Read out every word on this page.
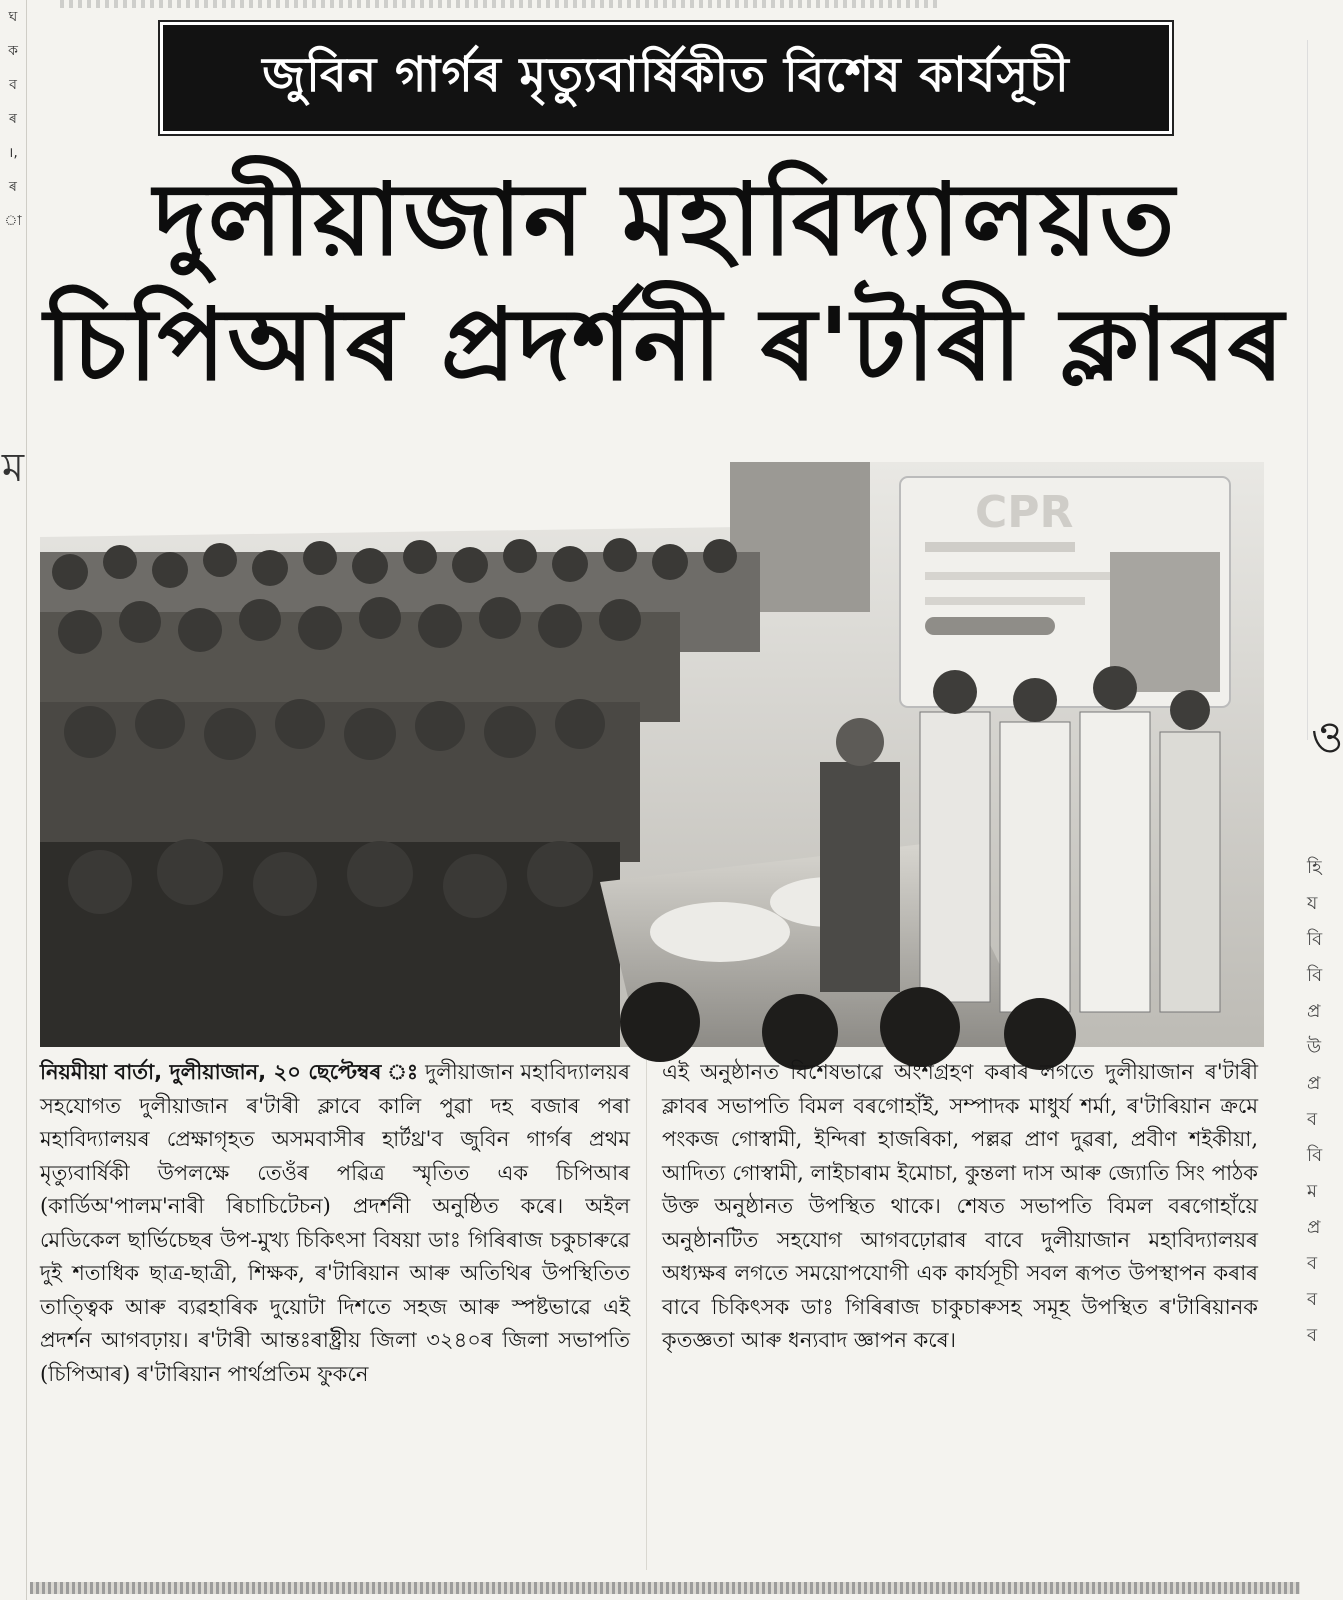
ঘ
ক
ব
ৰ
।,
ৰ
া
ম
ও
হি
য
বি
বি
প্র
উ
প্র
ব
বি
ম
প্র
ব
ব
ব
জুবিন গাৰ্গৰ মৃত্যুবাৰ্ষিকীত বিশেষ কাৰ্যসূচী
দুলীয়াজান মহাবিদ্যালয়ত
চিপিআৰ প্ৰদৰ্শনী ৰ'টাৰী ক্লাবৰ
CPR
নিয়মীয়া বাৰ্তা, দুলীয়াজান, ২০ ছেপ্টেম্বৰ ঃ দুলীয়াজান মহাবিদ্যালয়ৰ সহযোগত দুলীয়াজান ৰ'টাৰী ক্লাবে কালি পুৱা দহ বজাৰ পৰা মহাবিদ্যালয়ৰ প্ৰেক্ষাগৃহত অসমবাসীৰ হাৰ্টথ্ৰ'ব জুবিন গাৰ্গৰ প্ৰথম মৃত্যুবাৰ্ষিকী উপলক্ষে তেওঁৰ পৱিত্ৰ স্মৃতিত এক চিপিআৰ (কাৰ্ডিঅ'পালম'নাৰী ৰিচাচিটেচন) প্ৰদৰ্শনী অনুষ্ঠিত কৰে। অইল মেডিকেল ছাৰ্ভিচেছৰ উপ-মুখ্য চিকিৎসা বিষয়া ডাঃ গিৰিৰাজ চকুচাৰুৱে দুই শতাধিক ছাত্ৰ-ছাত্ৰী, শিক্ষক, ৰ'টাৰিয়ান আৰু অতিথিৰ উপস্থিতিত তাত্ত্বিক আৰু ব্যৱহাৰিক দুয়োটা দিশতে সহজ আৰু স্পষ্টভাৱে এই প্ৰদৰ্শন আগবঢ়ায়। ৰ'টাৰী আন্তঃৰাষ্ট্ৰীয় জিলা ৩২৪০ৰ জিলা সভাপতি (চিপিআৰ) ৰ'টাৰিয়ান পাৰ্থপ্ৰতিম ফুকনে
এই অনুষ্ঠানত বিশেষভাৱে অংশগ্ৰহণ কৰাৰ লগতে দুলীয়াজান ৰ'টাৰী ক্লাবৰ সভাপতি বিমল বৰগোহাঁই, সম্পাদক মাধুৰ্য শৰ্মা, ৰ'টাৰিয়ান ক্ৰমে পংকজ গোস্বামী, ইন্দিৰা হাজৰিকা, পল্লৱ প্ৰাণ দুৱৰা, প্ৰবীণ শইকীয়া, আদিত্য গোস্বামী, লাইচাৰাম ইমোচা, কুন্তলা দাস আৰু জ্যোতি সিং পাঠক উক্ত অনুষ্ঠানত উপস্থিত থাকে। শেষত সভাপতি বিমল বৰগোহাঁয়ে অনুষ্ঠানটিত সহযোগ আগবঢ়োৱাৰ বাবে দুলীয়াজান মহাবিদ্যালয়ৰ অধ্যক্ষৰ লগতে সময়োপযোগী এক কাৰ্যসূচী সবল ৰূপত উপস্থাপন কৰাৰ বাবে চিকিৎসক ডাঃ গিৰিৰাজ চাকুচাৰুসহ সমূহ উপস্থিত ৰ'টাৰিয়ানক কৃতজ্ঞতা আৰু ধন্যবাদ জ্ঞাপন কৰে।
